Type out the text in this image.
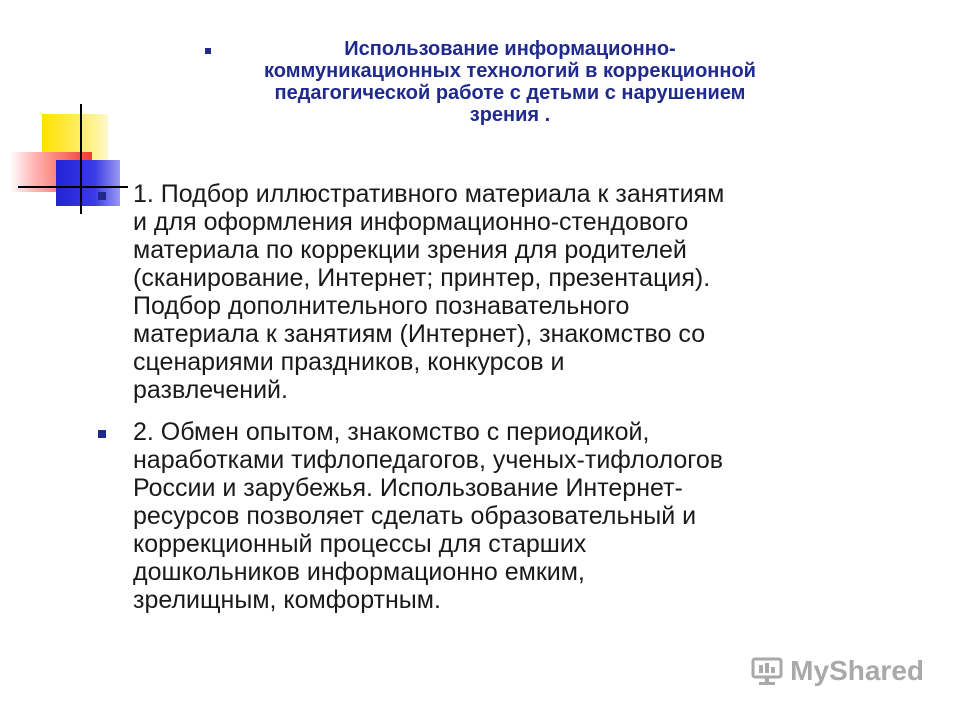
Использование информационно-
коммуникационных технологий в коррекционной
педагогической работе с детьми с нарушением
зрения .
1. Подбор иллюстративного материала к занятиям
и для оформления информационно-стендового
материала по коррекции зрения для родителей
(сканирование, Интернет; принтер, презентация).
Подбор дополнительного познавательного
материала к занятиям (Интернет), знакомство со
сценариями праздников, конкурсов и
развлечений.
2. Обмен опытом, знакомство с периодикой,
наработками тифлопедагогов, ученых-тифлологов
России и зарубежья. Использование Интернет-
ресурсов позволяет сделать образовательный и
коррекционный процессы для старших
дошкольников информационно емким,
зрелищным, комфортным.
MyShared
